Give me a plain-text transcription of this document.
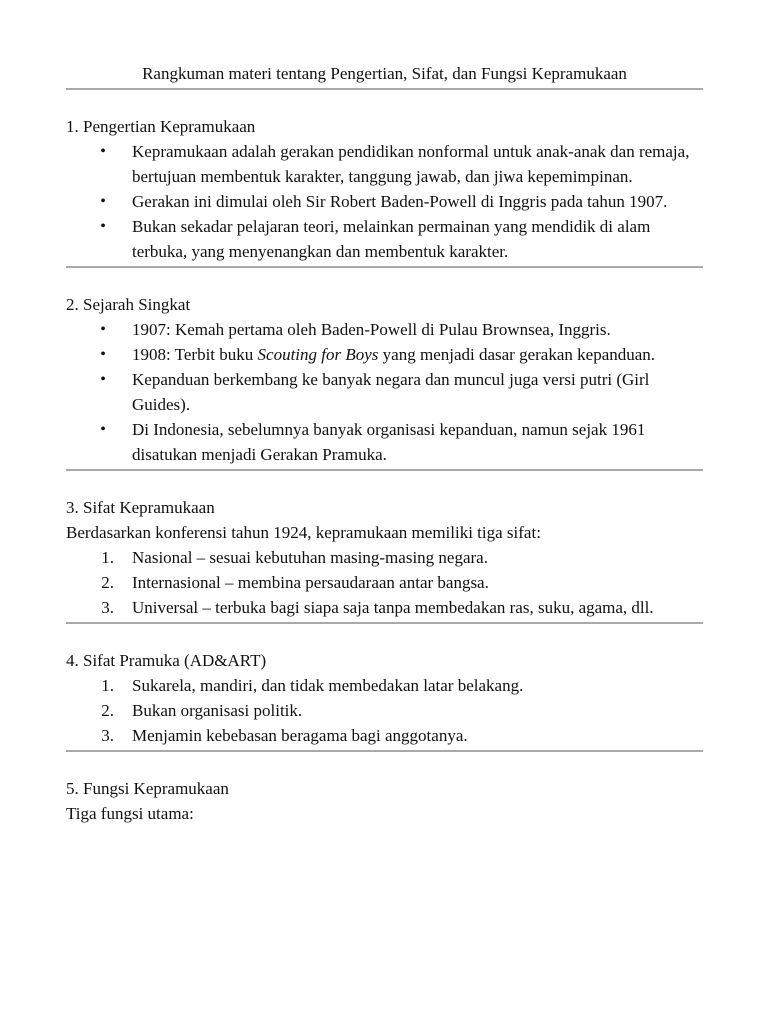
Rangkuman materi tentang Pengertian, Sifat, dan Fungsi Kepramukaan
1. Pengertian Kepramukaan
• Kepramukaan adalah gerakan pendidikan nonformal untuk anak-anak dan remaja, bertujuan membentuk karakter, tanggung jawab, dan jiwa kepemimpinan.
• Gerakan ini dimulai oleh Sir Robert Baden-Powell di Inggris pada tahun 1907.
• Bukan sekadar pelajaran teori, melainkan permainan yang mendidik di alam terbuka, yang menyenangkan dan membentuk karakter.
2. Sejarah Singkat
• 1907: Kemah pertama oleh Baden-Powell di Pulau Brownsea, Inggris.
• 1908: Terbit buku Scouting for Boys yang menjadi dasar gerakan kepanduan.
• Kepanduan berkembang ke banyak negara dan muncul juga versi putri (Girl Guides).
• Di Indonesia, sebelumnya banyak organisasi kepanduan, namun sejak 1961 disatukan menjadi Gerakan Pramuka.
3. Sifat Kepramukaan
Berdasarkan konferensi tahun 1924, kepramukaan memiliki tiga sifat:
1. Nasional – sesuai kebutuhan masing-masing negara.
2. Internasional – membina persaudaraan antar bangsa.
3. Universal – terbuka bagi siapa saja tanpa membedakan ras, suku, agama, dll.
4. Sifat Pramuka (AD&ART)
1. Sukarela, mandiri, dan tidak membedakan latar belakang.
2. Bukan organisasi politik.
3. Menjamin kebebasan beragama bagi anggotanya.
5. Fungsi Kepramukaan
Tiga fungsi utama:
